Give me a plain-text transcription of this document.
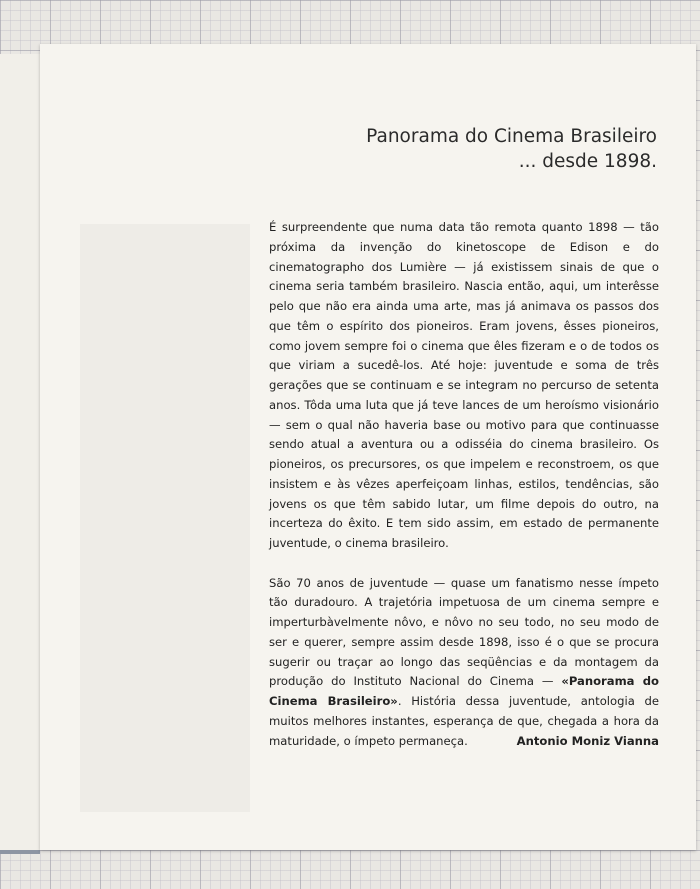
Panorama do Cinema Brasileiro
... desde 1898.

É surpreendente que numa data tão remota quanto 1898 — tão próxima da invenção do kinetoscope de Edison e do cinematographo dos Lumière — já existissem sinais de que o cinema seria também brasileiro. Nascia então, aqui, um interêsse pelo que não era ainda uma arte, mas já animava os passos dos que têm o espírito dos pioneiros. Eram jovens, êsses pioneiros, como jovem sempre foi o cinema que êles fizeram e o de todos os que viriam a sucedê-los. Até hoje: juventude e soma de três gerações que se continuam e se integram no percurso de setenta anos. Tôda uma luta que já teve lances de um heroísmo visionário — sem o qual não haveria base ou motivo para que continuasse sendo atual a aventura ou a odisséia do cinema brasileiro. Os pioneiros, os precursores, os que impelem e reconstroem, os que insistem e às vêzes aperfeiçoam linhas, estilos, tendências, são jovens os que têm sabido lutar, um filme depois do outro, na incerteza do êxito. E tem sido assim, em estado de permanente juventude, o cinema brasileiro.

São 70 anos de juventude — quase um fanatismo nesse ímpeto tão duradouro. A trajetória impetuosa de um cinema sempre e imperturbàvelmente nôvo, e nôvo no seu todo, no seu modo de ser e querer, sempre assim desde 1898, isso é o que se procura sugerir ou traçar ao longo das seqüências e da montagem da produção do Instituto Nacional do Cinema — «Panorama do Cinema Brasileiro». História dessa juventude, antologia de muitos melhores instantes, esperança de que, chegada a hora da maturidade, o ímpeto permaneça.	Antonio Moniz Vianna
